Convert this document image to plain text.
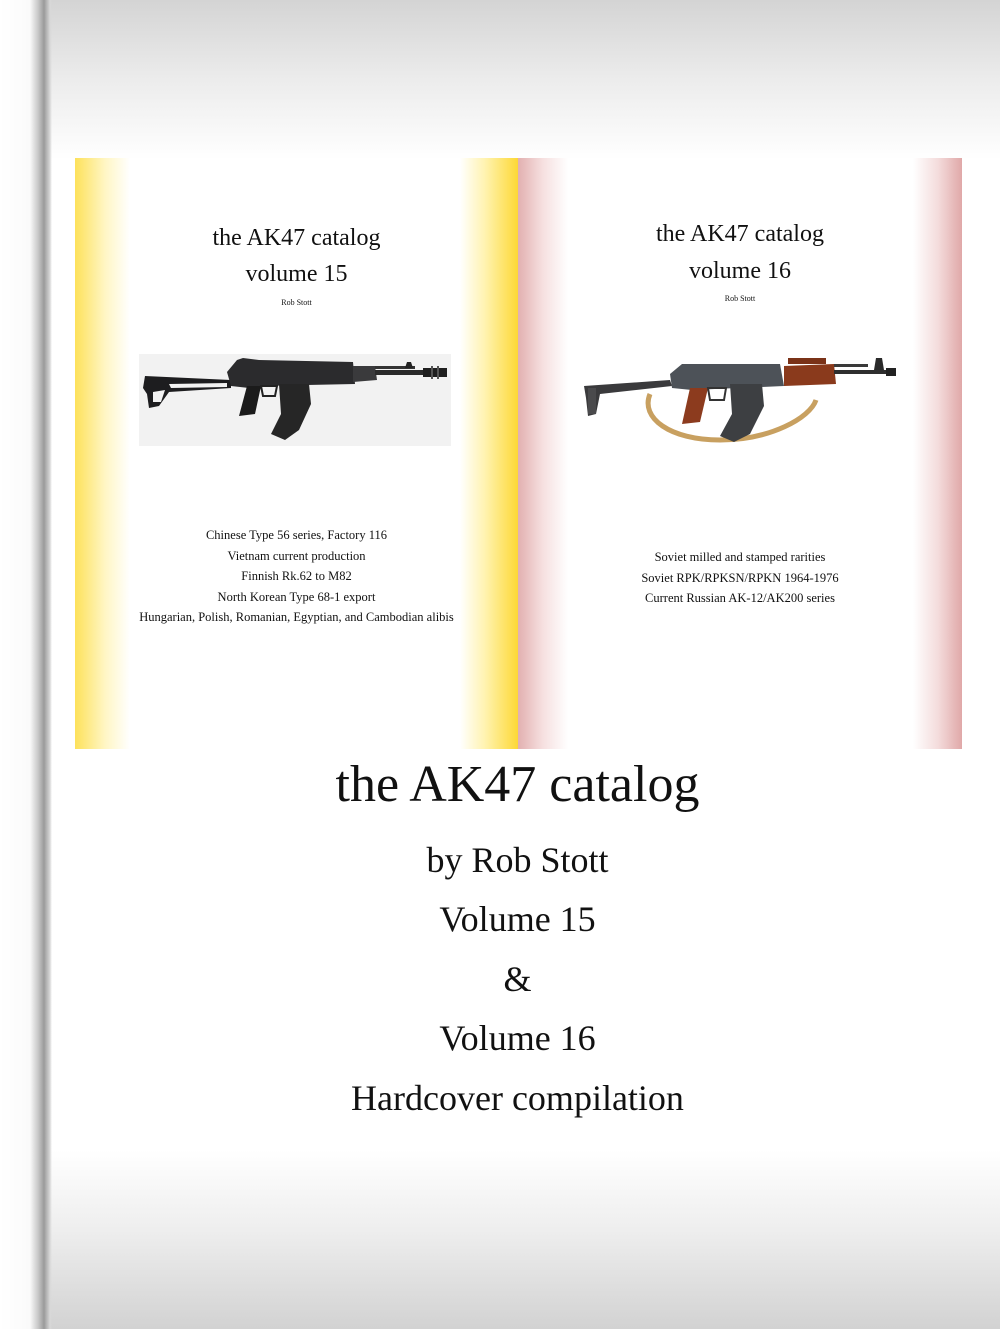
the AK47 catalog
volume 15
Rob Stott
Chinese Type 56 series, Factory 116
Vietnam current production
Finnish Rk.62 to M82
North Korean Type 68-1 export
Hungarian, Polish, Romanian, Egyptian, and Cambodian alibis
the AK47 catalog
volume 16
Rob Stott
Soviet milled and stamped rarities
Soviet RPK/RPKSN/RPKN 1964-1976
Current Russian AK-12/AK200 series
the AK47 catalog
by Rob Stott
Volume 15
&
Volume 16
Hardcover compilation
